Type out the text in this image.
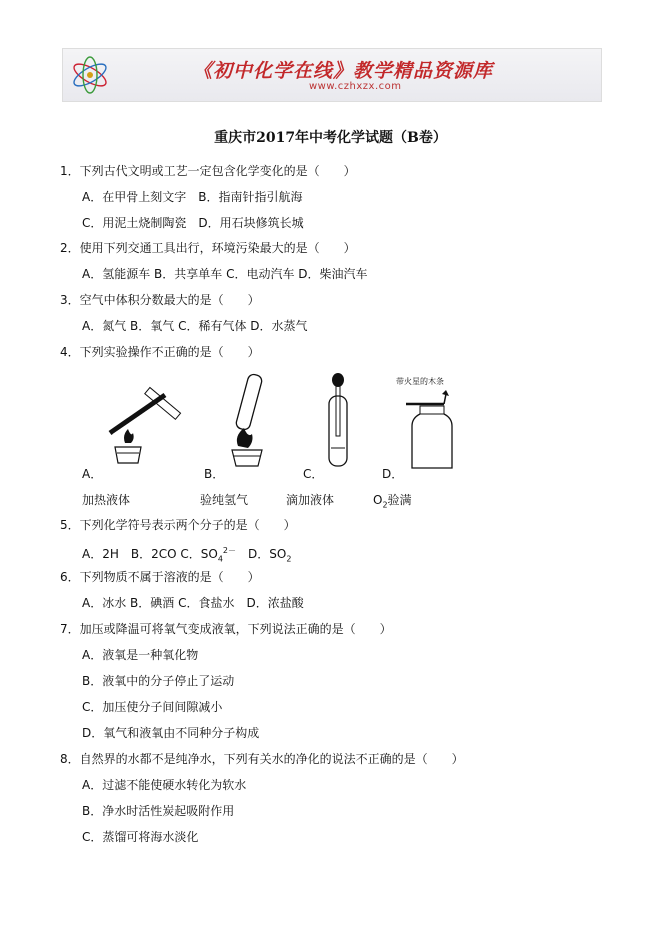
《初中化学在线》教学精品资源库
www.czhxzx.com
重庆市2017年中考化学试题（B卷）
1．下列古代文明或工艺一定包含化学变化的是（　　）
A．在甲骨上刻文字　B．指南针指引航海
C．用泥土烧制陶瓷　D．用石块修筑长城
2．使用下列交通工具出行，环境污染最大的是（　　）
A．氢能源车 B．共享单车 C．电动汽车 D．柴油汽车
3．空气中体积分数最大的是（　　）
A．氮气 B．氧气 C．稀有气体 D．水蒸气
4．下列实验操作不正确的是（　　）
A．	B．	C．
带火星的木条
D．
加热液体	验纯氢气	滴加液体	$O_2$验满
5．下列化学符号表示两个分子的是（　　）
A．2H　B．2CO C．$SO_4^{2-}$　D．$SO_2$
6．下列物质不属于溶液的是（　　）
A．冰水 B．碘酒 C．食盐水　D．浓盐酸
7．加压或降温可将氧气变成液氧，下列说法正确的是（　　）
A．液氧是一种氧化物
B．液氧中的分子停止了运动
C．加压使分子间间隙减小
D．氧气和液氧由不同种分子构成
8．自然界的水都不是纯净水，下列有关水的净化的说法不正确的是（　　）
A．过滤不能使硬水转化为软水
B．净水时活性炭起吸附作用
C．蒸馏可将海水淡化
